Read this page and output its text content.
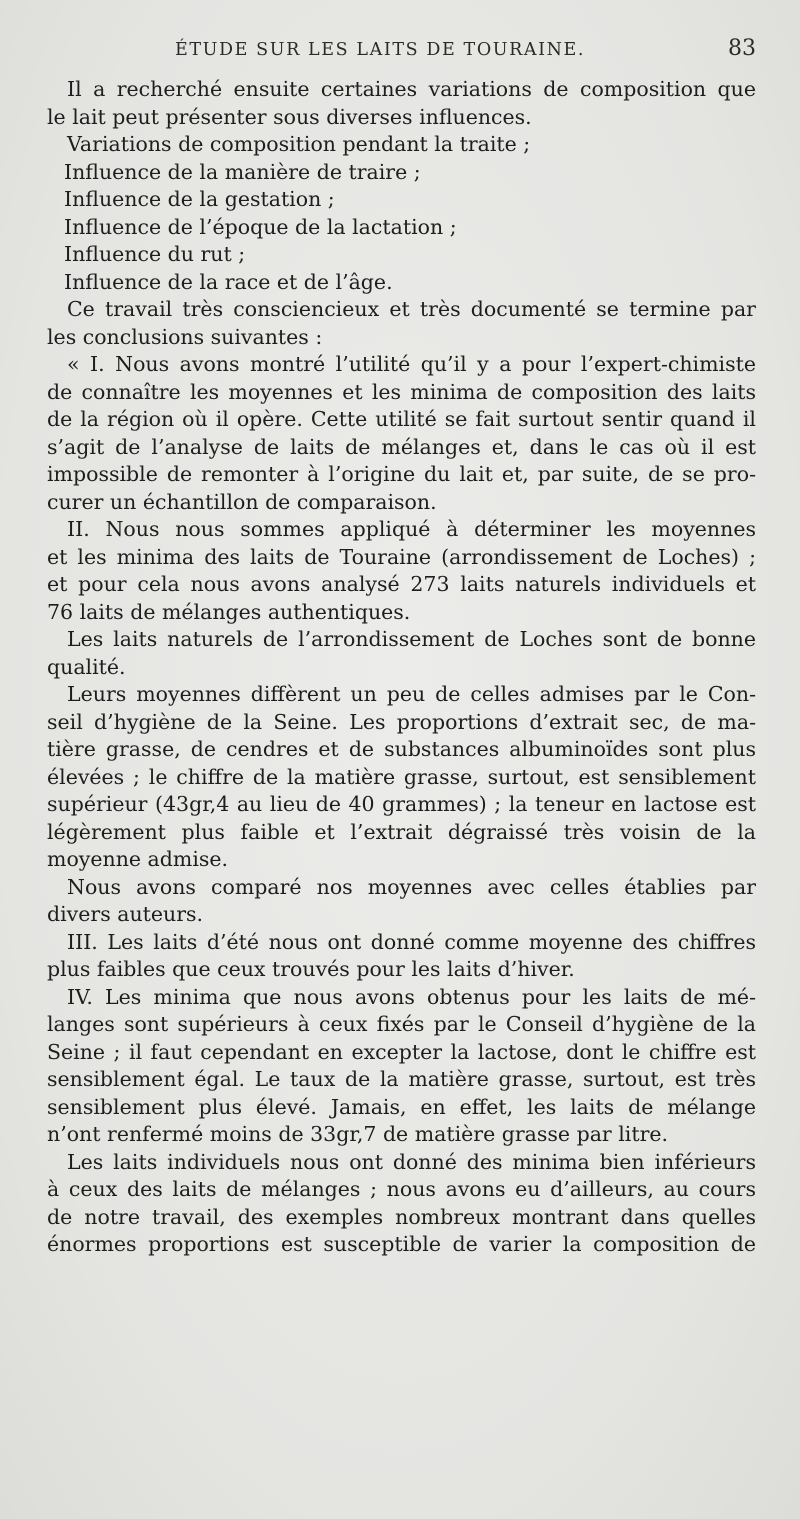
ÉTUDE SUR LES LAITS DE TOURAINE.	83
Il a recherché ensuite certaines variations de composition que
le lait peut présenter sous diverses influences.
Variations de composition pendant la traite ;
Influence de la manière de traire ;
Influence de la gestation ;
Influence de l’époque de la lactation ;
Influence du rut ;
Influence de la race et de l’âge.
Ce travail très consciencieux et très documenté se termine par
les conclusions suivantes :
« I. Nous avons montré l’utilité qu’il y a pour l’expert-chimiste
de connaître les moyennes et les minima de composition des laits
de la région où il opère. Cette utilité se fait surtout sentir quand il
s’agit de l’analyse de laits de mélanges et, dans le cas où il est
impossible de remonter à l’origine du lait et, par suite, de se pro-
curer un échantillon de comparaison.
II. Nous nous sommes appliqué à déterminer les moyennes
et les minima des laits de Touraine (arrondissement de Loches) ;
et pour cela nous avons analysé 273 laits naturels individuels et
76 laits de mélanges authentiques.
Les laits naturels de l’arrondissement de Loches sont de bonne
qualité.
Leurs moyennes diffèrent un peu de celles admises par le Con-
seil d’hygiène de la Seine. Les proportions d’extrait sec, de ma-
tière grasse, de cendres et de substances albuminoïdes sont plus
élevées ; le chiffre de la matière grasse, surtout, est sensiblement
supérieur (43gr,4 au lieu de 40 grammes) ; la teneur en lactose est
légèrement plus faible et l’extrait dégraissé très voisin de la
moyenne admise.
Nous avons comparé nos moyennes avec celles établies par
divers auteurs.
III. Les laits d’été nous ont donné comme moyenne des chiffres
plus faibles que ceux trouvés pour les laits d’hiver.
IV. Les minima que nous avons obtenus pour les laits de mé-
langes sont supérieurs à ceux fixés par le Conseil d’hygiène de la
Seine ; il faut cependant en excepter la lactose, dont le chiffre est
sensiblement égal. Le taux de la matière grasse, surtout, est très
sensiblement plus élevé. Jamais, en effet, les laits de mélange
n’ont renfermé moins de 33gr,7 de matière grasse par litre.
Les laits individuels nous ont donné des minima bien inférieurs
à ceux des laits de mélanges ; nous avons eu d’ailleurs, au cours
de notre travail, des exemples nombreux montrant dans quelles
énormes proportions est susceptible de varier la composition de
